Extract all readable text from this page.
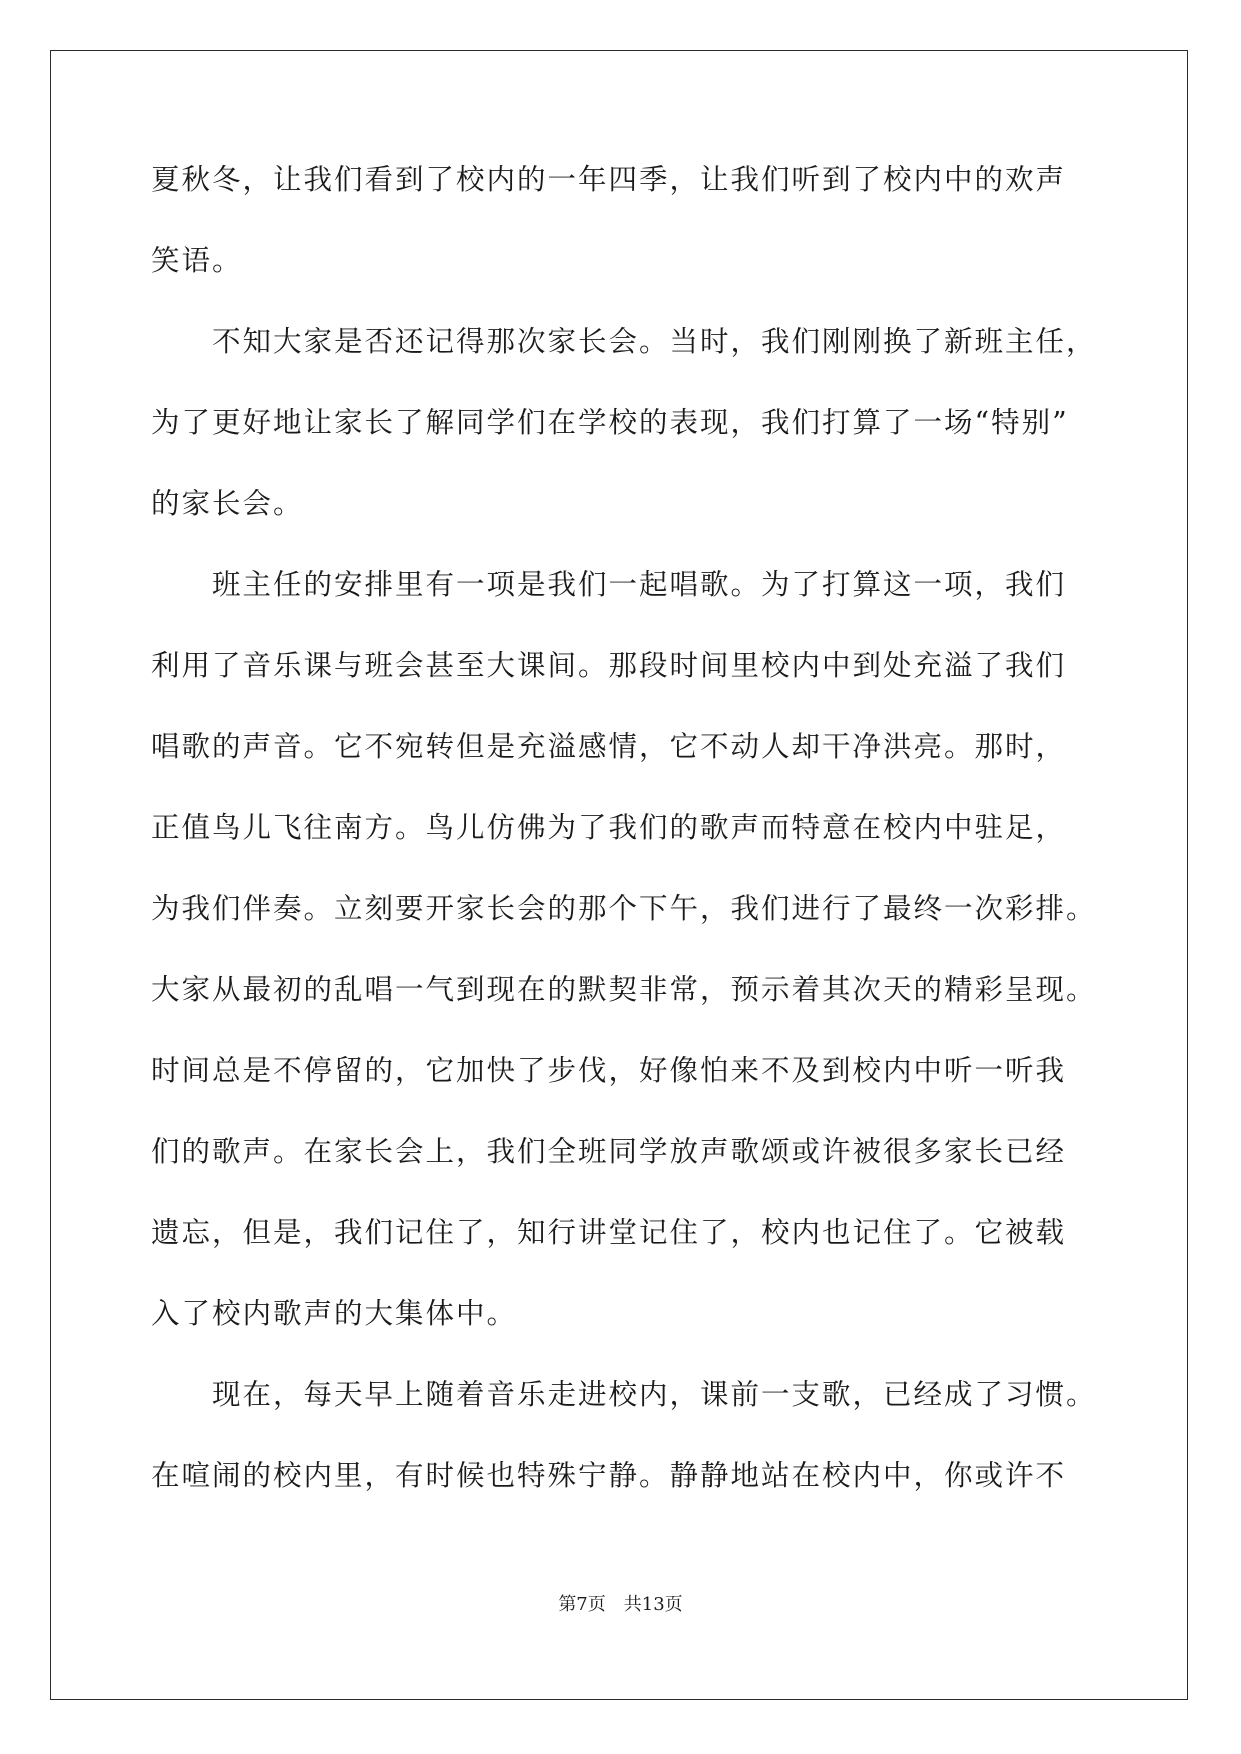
夏秋冬，让我们看到了校内的一年四季，让我们听到了校内中的欢声
笑语。
　　不知大家是否还记得那次家长会。当时，我们刚刚换了新班主任，
为了更好地让家长了解同学们在学校的表现，我们打算了一场“特别”
的家长会。
　　班主任的安排里有一项是我们一起唱歌。为了打算这一项，我们
利用了音乐课与班会甚至大课间。那段时间里校内中到处充溢了我们
唱歌的声音。它不宛转但是充溢感情，它不动人却干净洪亮。那时，
正值鸟儿飞往南方。鸟儿仿佛为了我们的歌声而特意在校内中驻足，
为我们伴奏。立刻要开家长会的那个下午，我们进行了最终一次彩排。
大家从最初的乱唱一气到现在的默契非常，预示着其次天的精彩呈现。
时间总是不停留的，它加快了步伐，好像怕来不及到校内中听一听我
们的歌声。在家长会上，我们全班同学放声歌颂或许被很多家长已经
遗忘，但是，我们记住了，知行讲堂记住了，校内也记住了。它被载
入了校内歌声的大集体中。
　　现在，每天早上随着音乐走进校内，课前一支歌，已经成了习惯。
在喧闹的校内里，有时候也特殊宁静。静静地站在校内中，你或许不
第7页 共13页
